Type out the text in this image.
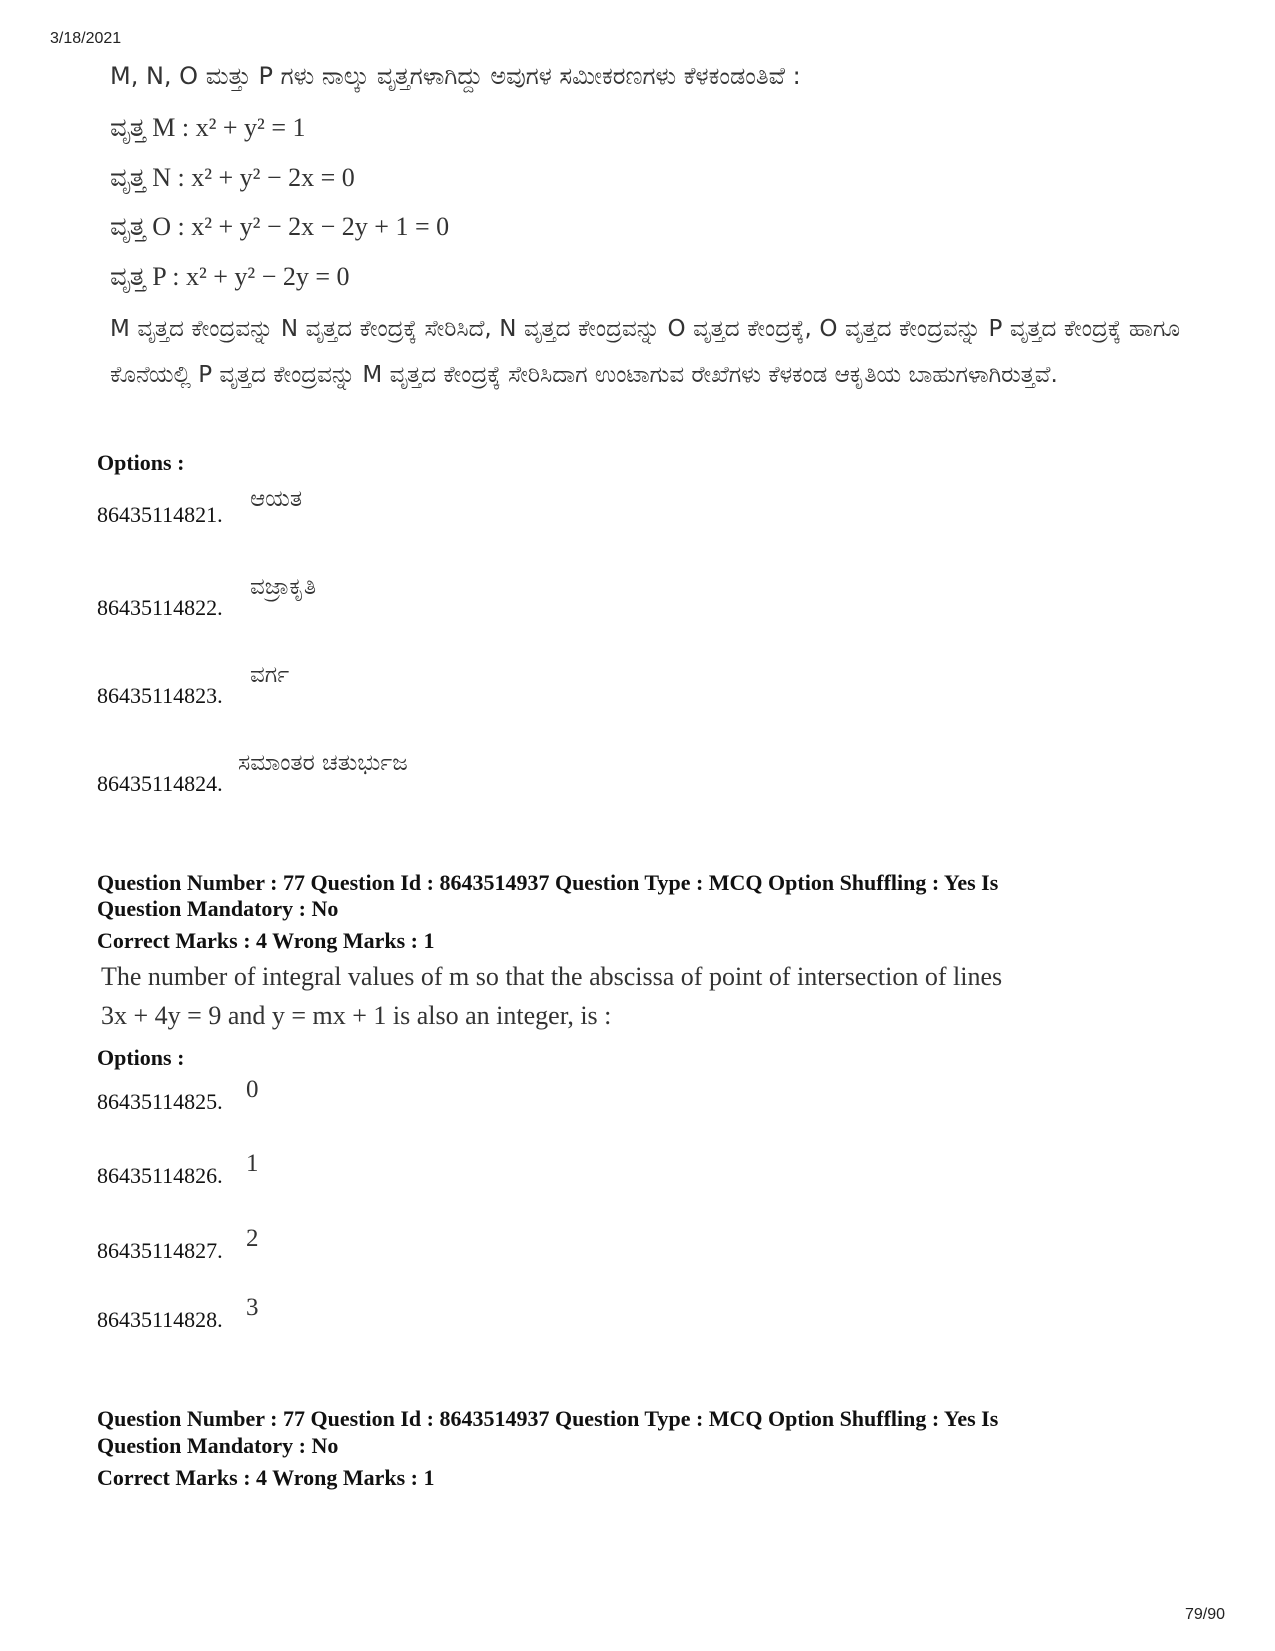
3/18/2021
M, N, O ಮತ್ತು P ಗಳು ನಾಲ್ಕು ವೃತ್ತಗಳಾಗಿದ್ದು ಅವುಗಳ ಸಮೀಕರಣಗಳು ಕೆಳಕಂಡಂತಿವೆ :
ವೃತ್ತ M : x² + y² = 1
ವೃತ್ತ N : x² + y² − 2x = 0
ವೃತ್ತ O : x² + y² − 2x − 2y + 1 = 0
ವೃತ್ತ P : x² + y² − 2y = 0
M ವೃತ್ತದ ಕೇಂದ್ರವನ್ನು N ವೃತ್ತದ ಕೇಂದ್ರಕ್ಕೆ ಸೇರಿಸಿದೆ, N ವೃತ್ತದ ಕೇಂದ್ರವನ್ನು O ವೃತ್ತದ ಕೇಂದ್ರಕ್ಕೆ, O ವೃತ್ತದ ಕೇಂದ್ರವನ್ನು P ವೃತ್ತದ ಕೇಂದ್ರಕ್ಕೆ ಹಾಗೂ ಕೊನೆಯಲ್ಲಿ P ವೃತ್ತದ ಕೇಂದ್ರವನ್ನು M ವೃತ್ತದ ಕೇಂದ್ರಕ್ಕೆ ಸೇರಿಸಿದಾಗ ಉಂಟಾಗುವ ರೇಖೆಗಳು ಕೆಳಕಂಡ ಆಕೃತಿಯ ಬಾಹುಗಳಾಗಿರುತ್ತವೆ.
Options :
86435114821.
ಆಯತ
86435114822.
ವಜ್ರಾಕೃತಿ
86435114823.
ವರ್ಗ
86435114824.
ಸಮಾಂತರ ಚತುರ್ಭುಜ
Question Number : 77 Question Id : 8643514937 Question Type : MCQ Option Shuffling : Yes Is
Question Mandatory : No
Correct Marks : 4 Wrong Marks : 1
The number of integral values of m so that the abscissa of point of intersection of lines
3x + 4y = 9 and y = mx + 1 is also an integer, is :
Options :
86435114825. 0
86435114826. 1
86435114827. 2
86435114828. 3
Question Number : 77 Question Id : 8643514937 Question Type : MCQ Option Shuffling : Yes Is
Question Mandatory : No
Correct Marks : 4 Wrong Marks : 1
79/90
